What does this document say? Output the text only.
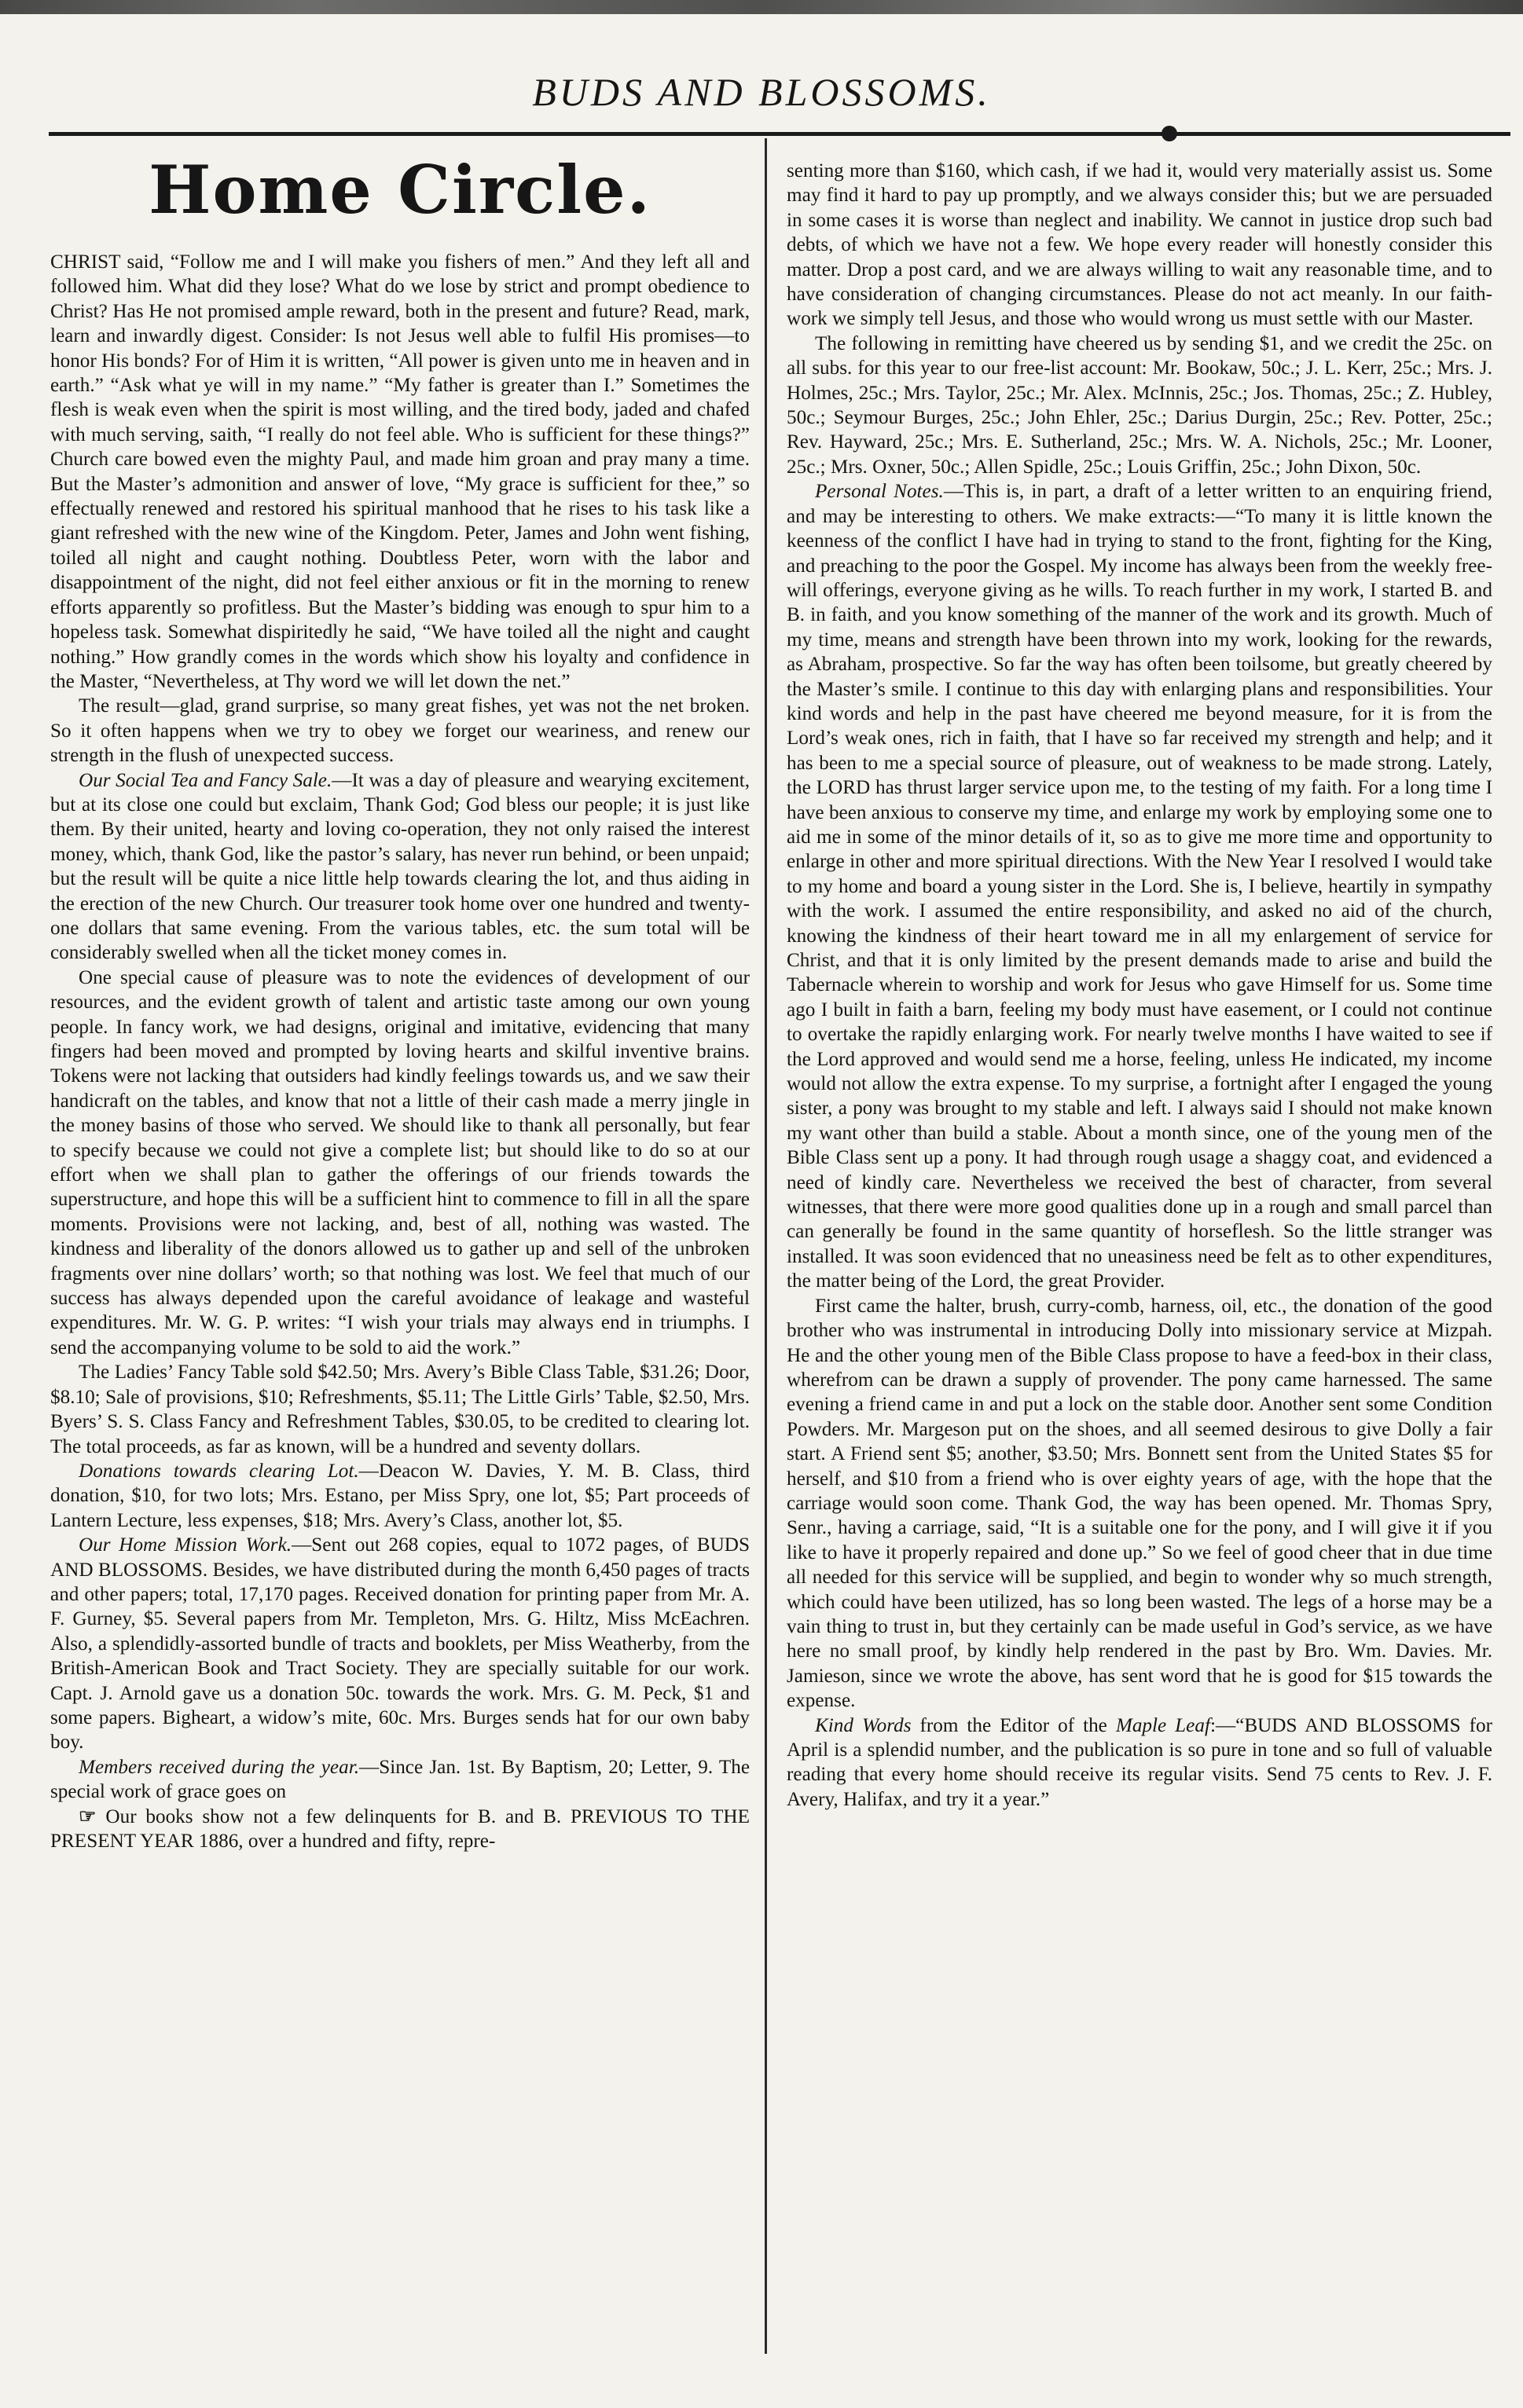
BUDS AND BLOSSOMS.
Home Circle.

CHRIST said, “Follow me and I will make you fishers of men.” And they left all and followed him. What did they lose? What do we lose by strict and prompt obedience to Christ? Has He not promised ample reward, both in the present and future? Read, mark, learn and inwardly digest. Consider: Is not Jesus well able to fulfil His promises—to honor His bonds? For of Him it is written, “All power is given unto me in heaven and in earth.” “Ask what ye will in my name.” “My father is greater than I.” Sometimes the flesh is weak even when the spirit is most willing, and the tired body, jaded and chafed with much serving, saith, “I really do not feel able. Who is sufficient for these things?” Church care bowed even the mighty Paul, and made him groan and pray many a time. But the Master’s admonition and answer of love, “My grace is sufficient for thee,” so effectually renewed and restored his spiritual manhood that he rises to his task like a giant refreshed with the new wine of the Kingdom. Peter, James and John went fishing, toiled all night and caught nothing. Doubtless Peter, worn with the labor and disappointment of the night, did not feel either anxious or fit in the morning to renew efforts apparently so profitless. But the Master’s bidding was enough to spur him to a hopeless task. Somewhat dispiritedly he said, “We have toiled all the night and caught nothing.” How grandly comes in the words which show his loyalty and confidence in the Master, “Nevertheless, at Thy word we will let down the net.”

The result—glad, grand surprise, so many great fishes, yet was not the net broken. So it often happens when we try to obey we forget our weariness, and renew our strength in the flush of unexpected success.

Our Social Tea and Fancy Sale.—It was a day of pleasure and wearying excitement, but at its close one could but exclaim, Thank God; God bless our people; it is just like them. By their united, hearty and loving co-operation, they not only raised the interest money, which, thank God, like the pastor’s salary, has never run behind, or been unpaid; but the result will be quite a nice little help towards clearing the lot, and thus aiding in the erection of the new Church. Our treasurer took home over one hundred and twenty-one dollars that same evening. From the various tables, etc. the sum total will be considerably swelled when all the ticket money comes in.

One special cause of pleasure was to note the evidences of development of our resources, and the evident growth of talent and artistic taste among our own young people. In fancy work, we had designs, original and imitative, evidencing that many fingers had been moved and prompted by loving hearts and skilful inventive brains. Tokens were not lacking that outsiders had kindly feelings towards us, and we saw their handicraft on the tables, and know that not a little of their cash made a merry jingle in the money basins of those who served. We should like to thank all personally, but fear to specify because we could not give a complete list; but should like to do so at our effort when we shall plan to gather the offerings of our friends towards the superstructure, and hope this will be a sufficient hint to commence to fill in all the spare moments. Provisions were not lacking, and, best of all, nothing was wasted. The kindness and liberality of the donors allowed us to gather up and sell of the unbroken fragments over nine dollars’ worth; so that nothing was lost. We feel that much of our success has always depended upon the careful avoidance of leakage and wasteful expenditures. Mr. W. G. P. writes: “I wish your trials may always end in triumphs. I send the accompanying volume to be sold to aid the work.”

The Ladies’ Fancy Table sold $42.50; Mrs. Avery’s Bible Class Table, $31.26; Door, $8.10; Sale of provisions, $10; Refreshments, $5.11; The Little Girls’ Table, $2.50, Mrs. Byers’ S. S. Class Fancy and Refreshment Tables, $30.05, to be credited to clearing lot. The total proceeds, as far as known, will be a hundred and seventy dollars.

Donations towards clearing Lot.—Deacon W. Davies, Y. M. B. Class, third donation, $10, for two lots; Mrs. Estano, per Miss Spry, one lot, $5; Part proceeds of Lantern Lecture, less expenses, $18; Mrs. Avery’s Class, another lot, $5.

Our Home Mission Work.—Sent out 268 copies, equal to 1072 pages, of BUDS AND BLOSSOMS. Besides, we have distributed during the month 6,450 pages of tracts and other papers; total, 17,170 pages. Received donation for printing paper from Mr. A. F. Gurney, $5. Several papers from Mr. Templeton, Mrs. G. Hiltz, Miss McEachren. Also, a splendidly-assorted bundle of tracts and booklets, per Miss Weatherby, from the British-American Book and Tract Society. They are specially suitable for our work. Capt. J. Arnold gave us a donation 50c. towards the work. Mrs. G. M. Peck, $1 and some papers. Bigheart, a widow’s mite, 60c. Mrs. Burges sends hat for our own baby boy.

Members received during the year.—Since Jan. 1st. By Baptism, 20; Letter, 9. The special work of grace goes on

☞ Our books show not a few delinquents for B. and B. PREVIOUS TO THE PRESENT YEAR 1886, over a hundred and fifty, repre-

senting more than $160, which cash, if we had it, would very materially assist us. Some may find it hard to pay up promptly, and we always consider this; but we are persuaded in some cases it is worse than neglect and inability. We cannot in justice drop such bad debts, of which we have not a few. We hope every reader will honestly consider this matter. Drop a post card, and we are always willing to wait any reasonable time, and to have consideration of changing circumstances. Please do not act meanly. In our faith-work we simply tell Jesus, and those who would wrong us must settle with our Master.

The following in remitting have cheered us by sending $1, and we credit the 25c. on all subs. for this year to our free-list account: Mr. Bookaw, 50c.; J. L. Kerr, 25c.; Mrs. J. Holmes, 25c.; Mrs. Taylor, 25c.; Mr. Alex. McInnis, 25c.; Jos. Thomas, 25c.; Z. Hubley, 50c.; Seymour Burges, 25c.; John Ehler, 25c.; Darius Durgin, 25c.; Rev. Potter, 25c.; Rev. Hayward, 25c.; Mrs. E. Sutherland, 25c.; Mrs. W. A. Nichols, 25c.; Mr. Looner, 25c.; Mrs. Oxner, 50c.; Allen Spidle, 25c.; Louis Griffin, 25c.; John Dixon, 50c.

Personal Notes.—This is, in part, a draft of a letter written to an enquiring friend, and may be interesting to others. We make extracts:—“To many it is little known the keenness of the conflict I have had in trying to stand to the front, fighting for the King, and preaching to the poor the Gospel. My income has always been from the weekly free-will offerings, everyone giving as he wills. To reach further in my work, I started B. and B. in faith, and you know something of the manner of the work and its growth. Much of my time, means and strength have been thrown into my work, looking for the rewards, as Abraham, prospective. So far the way has often been toilsome, but greatly cheered by the Master’s smile. I continue to this day with enlarging plans and responsibilities. Your kind words and help in the past have cheered me beyond measure, for it is from the Lord’s weak ones, rich in faith, that I have so far received my strength and help; and it has been to me a special source of pleasure, out of weakness to be made strong. Lately, the LORD has thrust larger service upon me, to the testing of my faith. For a long time I have been anxious to conserve my time, and enlarge my work by employing some one to aid me in some of the minor details of it, so as to give me more time and opportunity to enlarge in other and more spiritual directions. With the New Year I resolved I would take to my home and board a young sister in the Lord. She is, I believe, heartily in sympathy with the work. I assumed the entire responsibility, and asked no aid of the church, knowing the kindness of their heart toward me in all my enlargement of service for Christ, and that it is only limited by the present demands made to arise and build the Tabernacle wherein to worship and work for Jesus who gave Himself for us. Some time ago I built in faith a barn, feeling my body must have easement, or I could not continue to overtake the rapidly enlarging work. For nearly twelve months I have waited to see if the Lord approved and would send me a horse, feeling, unless He indicated, my income would not allow the extra expense. To my surprise, a fortnight after I engaged the young sister, a pony was brought to my stable and left. I always said I should not make known my want other than build a stable. About a month since, one of the young men of the Bible Class sent up a pony. It had through rough usage a shaggy coat, and evidenced a need of kindly care. Nevertheless we received the best of character, from several witnesses, that there were more good qualities done up in a rough and small parcel than can generally be found in the same quantity of horseflesh. So the little stranger was installed. It was soon evidenced that no uneasiness need be felt as to other expenditures, the matter being of the Lord, the great Provider.

First came the halter, brush, curry-comb, harness, oil, etc., the donation of the good brother who was instrumental in introducing Dolly into missionary service at Mizpah. He and the other young men of the Bible Class propose to have a feed-box in their class, wherefrom can be drawn a supply of provender. The pony came harnessed. The same evening a friend came in and put a lock on the stable door. Another sent some Condition Powders. Mr. Margeson put on the shoes, and all seemed desirous to give Dolly a fair start. A Friend sent $5; another, $3.50; Mrs. Bonnett sent from the United States $5 for herself, and $10 from a friend who is over eighty years of age, with the hope that the carriage would soon come. Thank God, the way has been opened. Mr. Thomas Spry, Senr., having a carriage, said, “It is a suitable one for the pony, and I will give it if you like to have it properly repaired and done up.” So we feel of good cheer that in due time all needed for this service will be supplied, and begin to wonder why so much strength, which could have been utilized, has so long been wasted. The legs of a horse may be a vain thing to trust in, but they certainly can be made useful in God’s service, as we have here no small proof, by kindly help rendered in the past by Bro. Wm. Davies. Mr. Jamieson, since we wrote the above, has sent word that he is good for $15 towards the expense.

Kind Words from the Editor of the Maple Leaf:—“BUDS AND BLOSSOMS for April is a splendid number, and the publication is so pure in tone and so full of valuable reading that every home should receive its regular visits. Send 75 cents to Rev. J. F. Avery, Halifax, and try it a year.”
